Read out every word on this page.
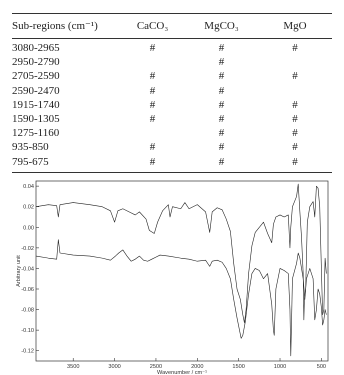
Sub-regions (cm⁻¹)	CaCO₃	MgCO₃	MgO
3080-2965	#	#	#
2950-2790		#	
2705-2590	#	#	#
2590-2470	#	#	
1915-1740	#	#	#
1590-1305	#	#	#
1275-1160		#	#
935-850	#	#	#
795-675	#	#	#
0.04
0.02
0.00
-0.02
-0.04
-0.06
-0.08
-0.10
-0.12
3500	3000	2500	2000	1500	1000	500
Arbitrary unit
Wavenumber / cm⁻¹
